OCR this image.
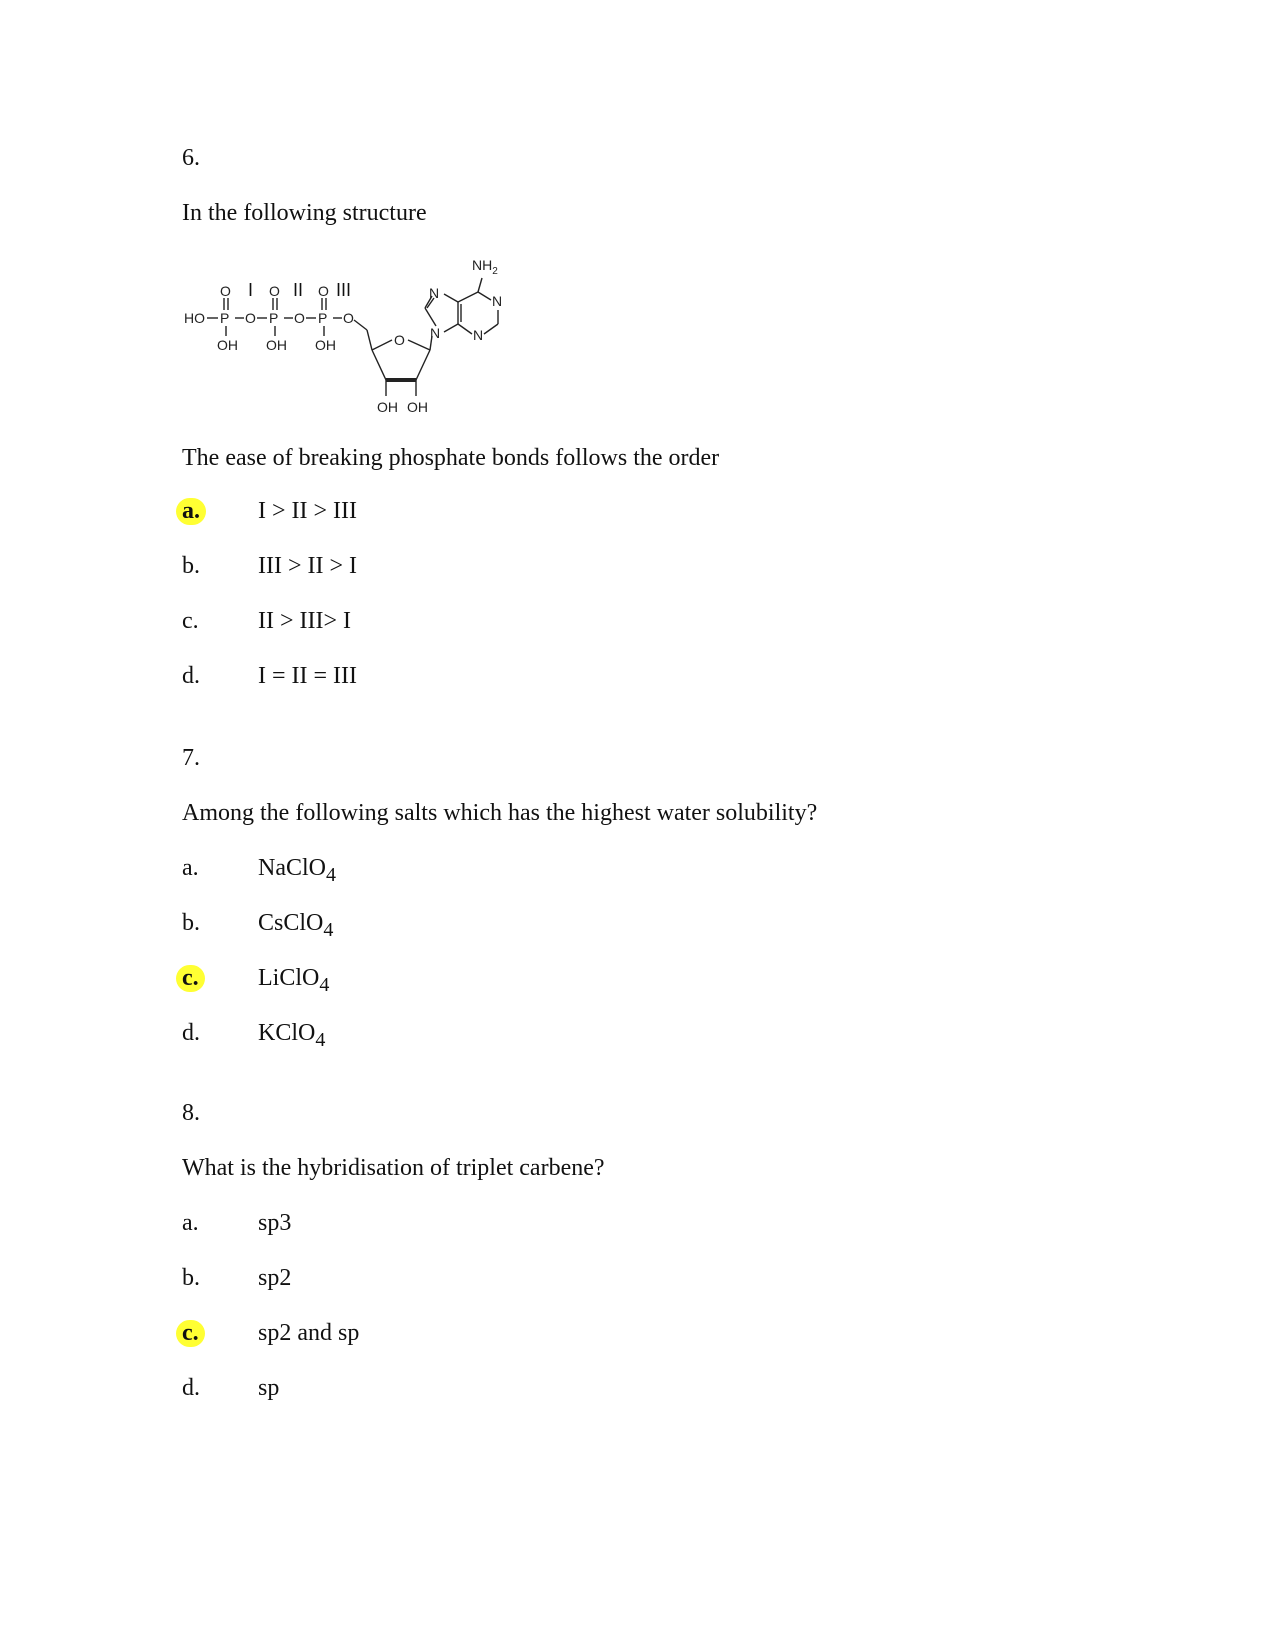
6.
In the following structure
HO P	P	P
O	O	O
O	O	O
OH OH OH	O
OH OH
N
N	N
N
$NH_2$
I II III
The ease of breaking phosphate bonds follows the order
a. I > II > III
b.	III > II > I
c.	II > III> I
d.	I = II = III
7.
Among the following salts which has the highest water solubility?
a.	NaClO$_4$
b.	CsClO$_4$
c. LiClO$_4$
d.	KClO$_4$
8.
What is the hybridisation of triplet carbene?
a.	sp3
b.	sp2
c. sp2 and sp
d.	sp
